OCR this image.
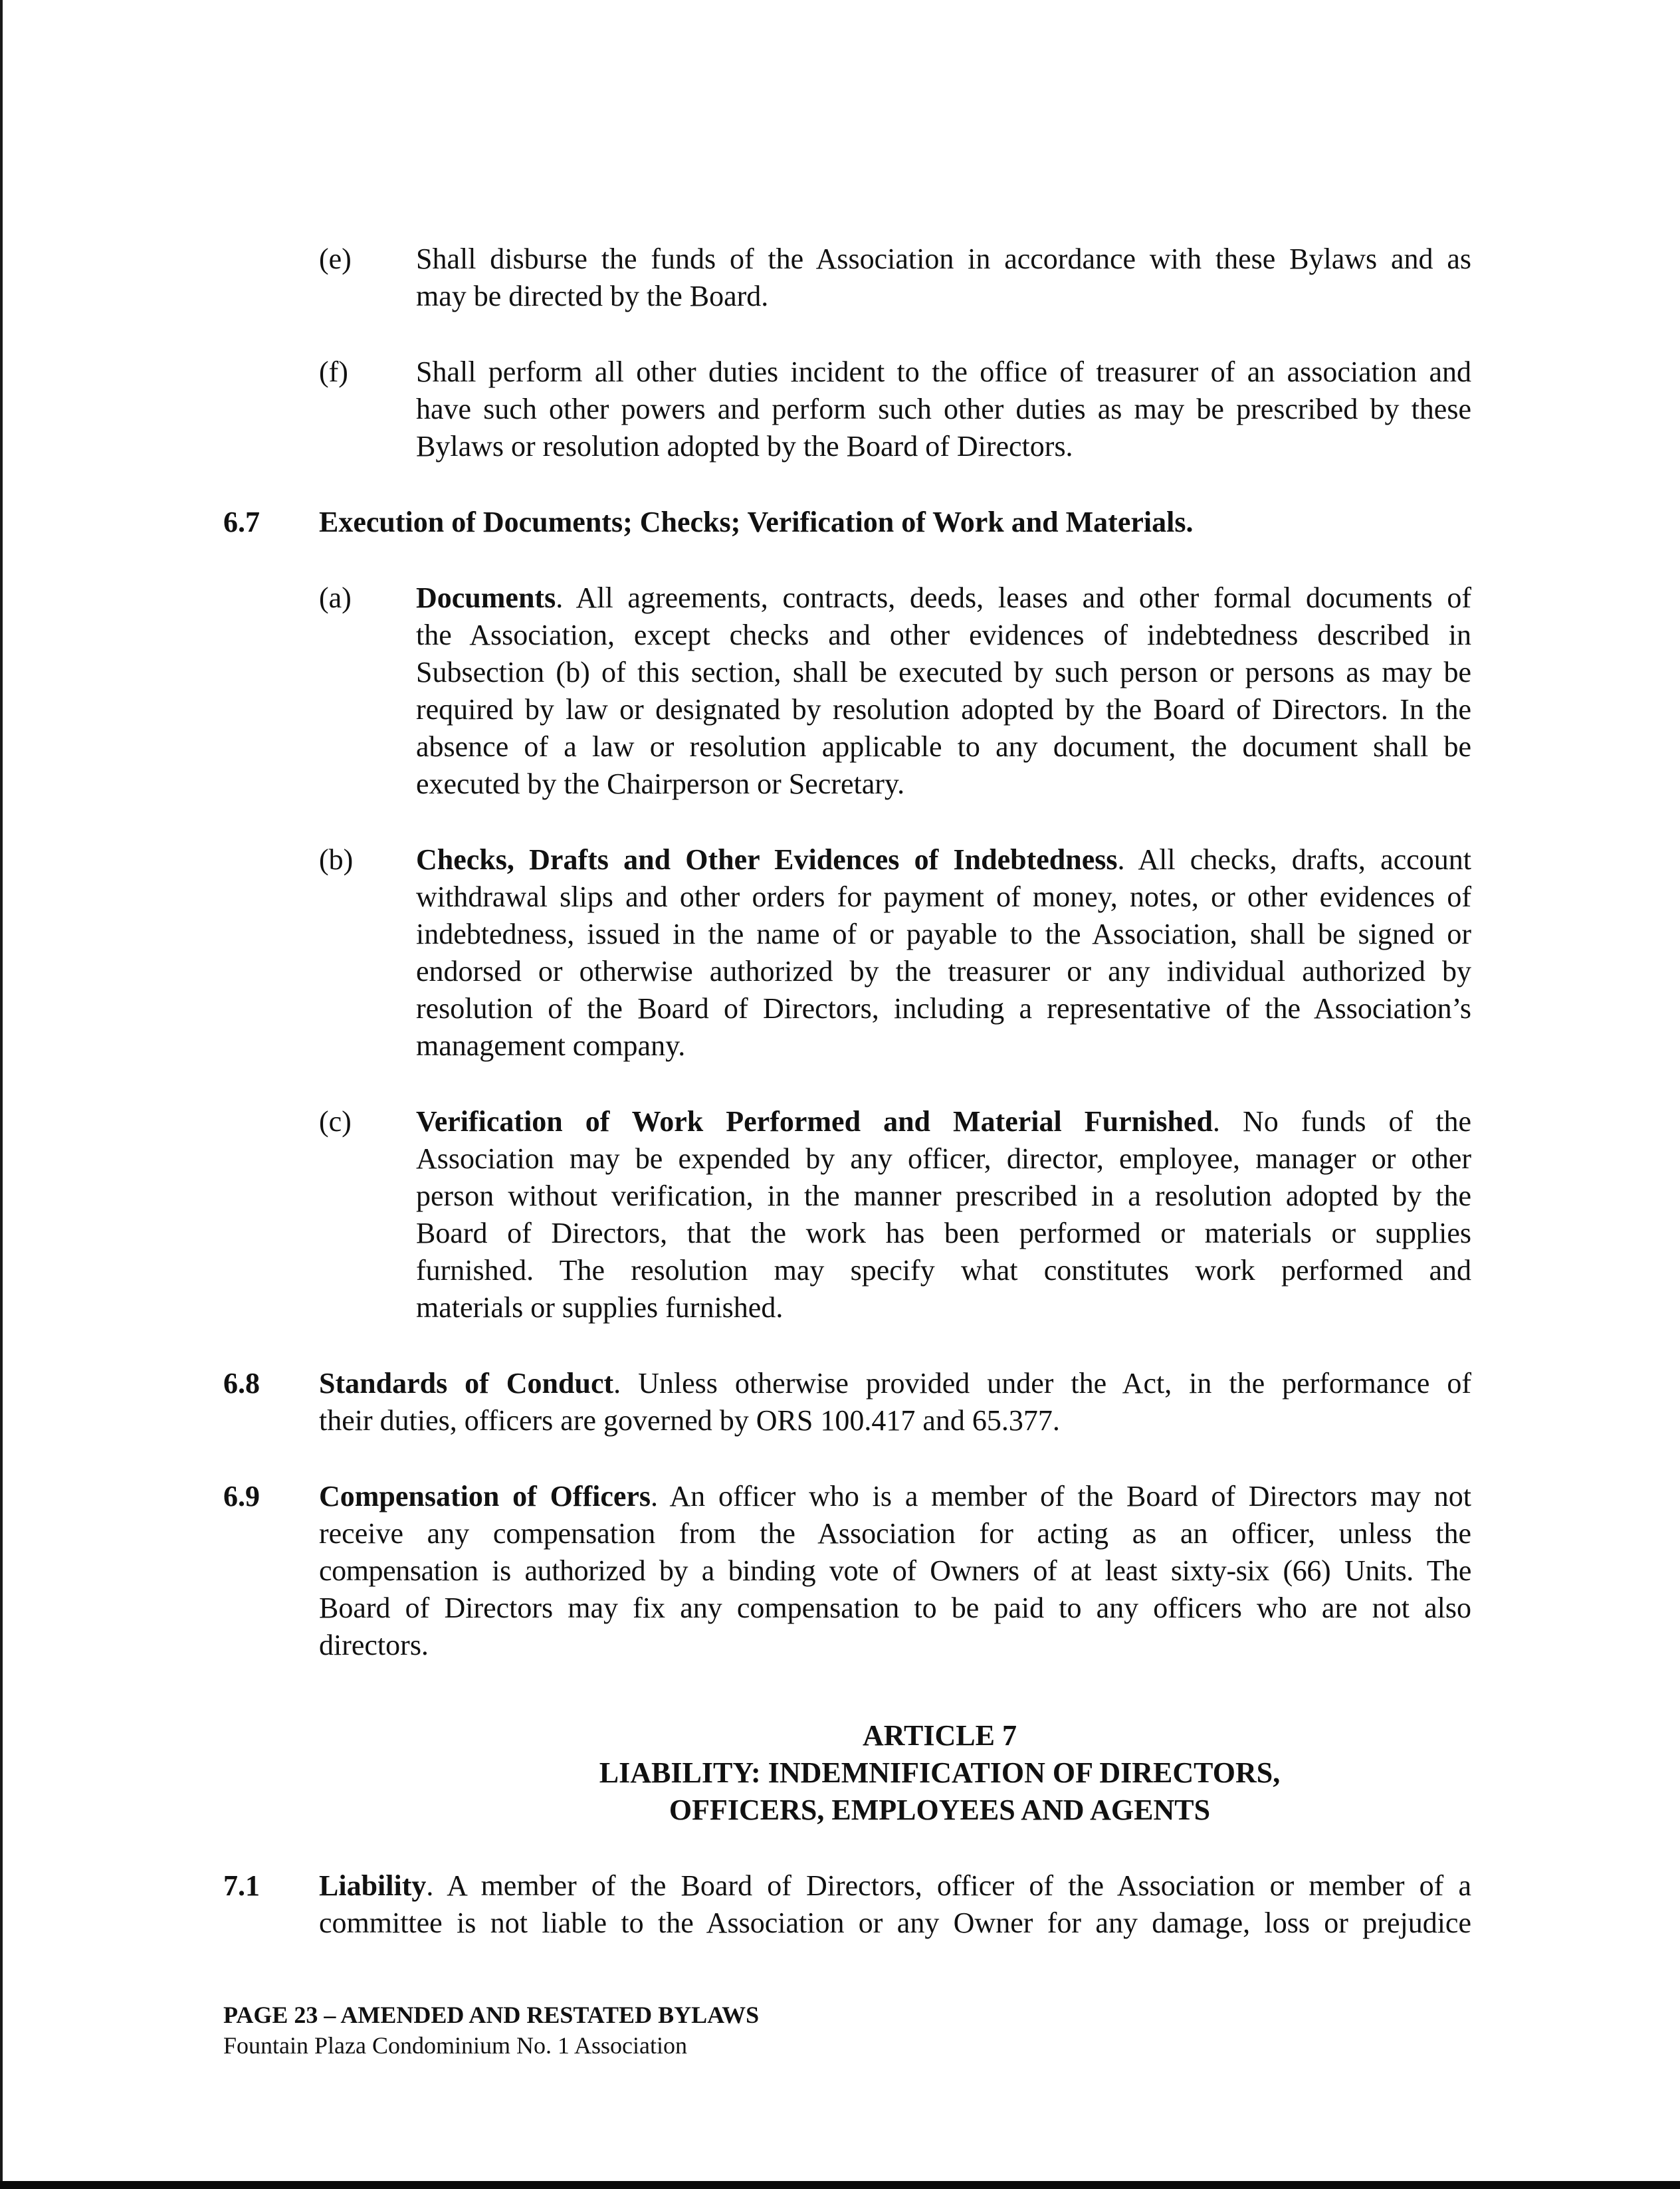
(e) Shall disburse the funds of the Association in accordance with these Bylaws and as
may be directed by the Board.
(f) Shall perform all other duties incident to the office of treasurer of an association and
have such other powers and perform such other duties as may be prescribed by these
Bylaws or resolution adopted by the Board of Directors.
6.7 Execution of Documents; Checks; Verification of Work and Materials.
(a) Documents. All agreements, contracts, deeds, leases and other formal documents of
the Association, except checks and other evidences of indebtedness described in
Subsection (b) of this section, shall be executed by such person or persons as may be
required by law or designated by resolution adopted by the Board of Directors. In the
absence of a law or resolution applicable to any document, the document shall be
executed by the Chairperson or Secretary.
(b) Checks, Drafts and Other Evidences of Indebtedness. All checks, drafts, account
withdrawal slips and other orders for payment of money, notes, or other evidences of
indebtedness, issued in the name of or payable to the Association, shall be signed or
endorsed or otherwise authorized by the treasurer or any individual authorized by
resolution of the Board of Directors, including a representative of the Association’s
management company.
(c) Verification of Work Performed and Material Furnished. No funds of the
Association may be expended by any officer, director, employee, manager or other
person without verification, in the manner prescribed in a resolution adopted by the
Board of Directors, that the work has been performed or materials or supplies
furnished. The resolution may specify what constitutes work performed and
materials or supplies furnished.
6.8 Standards of Conduct. Unless otherwise provided under the Act, in the performance of
their duties, officers are governed by ORS 100.417 and 65.377.
6.9 Compensation of Officers. An officer who is a member of the Board of Directors may not
receive any compensation from the Association for acting as an officer, unless the
compensation is authorized by a binding vote of Owners of at least sixty-six (66) Units. The
Board of Directors may fix any compensation to be paid to any officers who are not also
directors.
ARTICLE 7
LIABILITY: INDEMNIFICATION OF DIRECTORS,
OFFICERS, EMPLOYEES AND AGENTS
7.1 Liability. A member of the Board of Directors, officer of the Association or member of a
committee is not liable to the Association or any Owner for any damage, loss or prejudice
PAGE 23 – AMENDED AND RESTATED BYLAWS
Fountain Plaza Condominium No. 1 Association
